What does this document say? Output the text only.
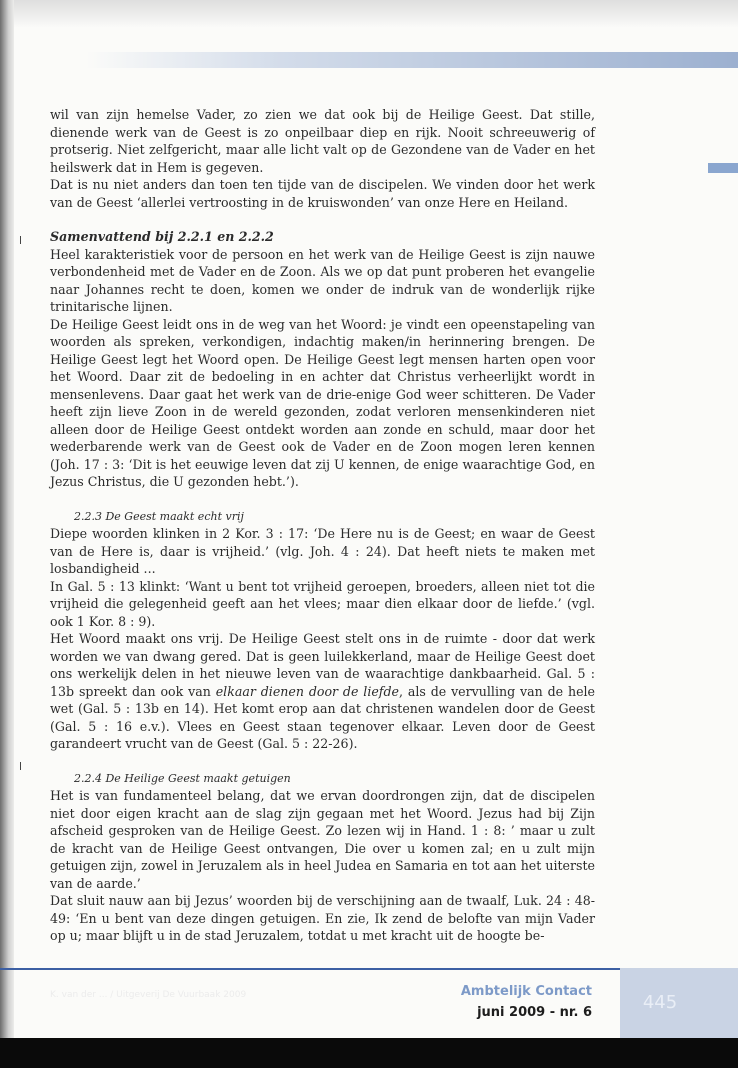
wil van zijn hemelse Vader, zo zien we dat ook bij de Heilige Geest. Dat stille, dienende werk van de Geest is zo onpeilbaar diep en rijk. Nooit schreeuwerig of protserig. Niet zelfgericht, maar alle licht valt op de Gezondene van de Vader en het heilswerk dat in Hem is gegeven.

Dat is nu niet anders dan toen ten tijde van de discipelen. We vinden door het werk van de Geest ‘allerlei vertroosting in de kruiswonden’ van onze Here en Heiland.

Samenvattend bij 2.2.1 en 2.2.2

Heel karakteristiek voor de persoon en het werk van de Heilige Geest is zijn nauwe verbondenheid met de Vader en de Zoon. Als we op dat punt proberen het evangelie naar Johannes recht te doen, komen we onder de indruk van de wonderlijk rijke trinitarische lijnen.

De Heilige Geest leidt ons in de weg van het Woord: je vindt een opeenstapeling van woorden als spreken, verkondigen, indachtig maken/in herinnering brengen. De Heilige Geest legt het Woord open. De Heilige Geest legt mensen harten open voor het Woord. Daar zit de bedoeling in en achter dat Christus verheerlijkt wordt in mensenlevens. Daar gaat het werk van de drie-enige God weer schitteren. De Vader heeft zijn lieve Zoon in de wereld gezonden, zodat verloren mensenkinderen niet alleen door de Heilige Geest ontdekt worden aan zonde en schuld, maar door het wederbarende werk van de Geest ook de Vader en de Zoon mogen leren kennen (Joh. 17 : 3: ‘Dit is het eeuwige leven dat zij U kennen, de enige waarachtige God, en Jezus Christus, die U gezonden hebt.’).

2.2.3 De Geest maakt echt vrij

Diepe woorden klinken in 2 Kor. 3 : 17: ‘De Here nu is de Geest; en waar de Geest van de Here is, daar is vrijheid.’ (vlg. Joh. 4 : 24). Dat heeft niets te maken met losbandigheid ...

In Gal. 5 : 13 klinkt: ‘Want u bent tot vrijheid geroepen, broeders, alleen niet tot die vrijheid die gelegenheid geeft aan het vlees; maar dien elkaar door de liefde.’ (vgl. ook 1 Kor. 8 : 9).

Het Woord maakt ons vrij. De Heilige Geest stelt ons in de ruimte - door dat werk worden we van dwang gered. Dat is geen luilekkerland, maar de Heilige Geest doet ons werkelijk delen in het nieuwe leven van de waarachtige dankbaarheid. Gal. 5 : 13b spreekt dan ook van elkaar dienen door de liefde, als de vervulling van de hele wet (Gal. 5 : 13b en 14). Het komt erop aan dat christenen wandelen door de Geest (Gal. 5 : 16 e.v.). Vlees en Geest staan tegenover elkaar. Leven door de Geest garandeert vrucht van de Geest (Gal. 5 : 22-26).

2.2.4 De Heilige Geest maakt getuigen

Het is van fundamenteel belang, dat we ervan doordrongen zijn, dat de discipelen niet door eigen kracht aan de slag zijn gegaan met het Woord. Jezus had bij Zijn afscheid gesproken van de Heilige Geest. Zo lezen wij in Hand. 1 : 8: ’ maar u zult de kracht van de Heilige Geest ontvangen, Die over u komen zal; en u zult mijn getuigen zijn, zowel in Jeruzalem als in heel Judea en Samaria en tot aan het uiterste van de aarde.’

Dat sluit nauw aan bij Jezus’ woorden bij de verschijning aan de twaalf, Luk. 24 : 48-49: ‘En u bent van deze dingen getuigen. En zie, Ik zend de belofte van mijn Vader op u; maar blijft u in de stad Jeruzalem, totdat u met kracht uit de hoogte be-

K. van der ... / Uitgeverij De Vuurbaak 2009	Ambtelijk Contact
juni 2009 - nr. 6	445
